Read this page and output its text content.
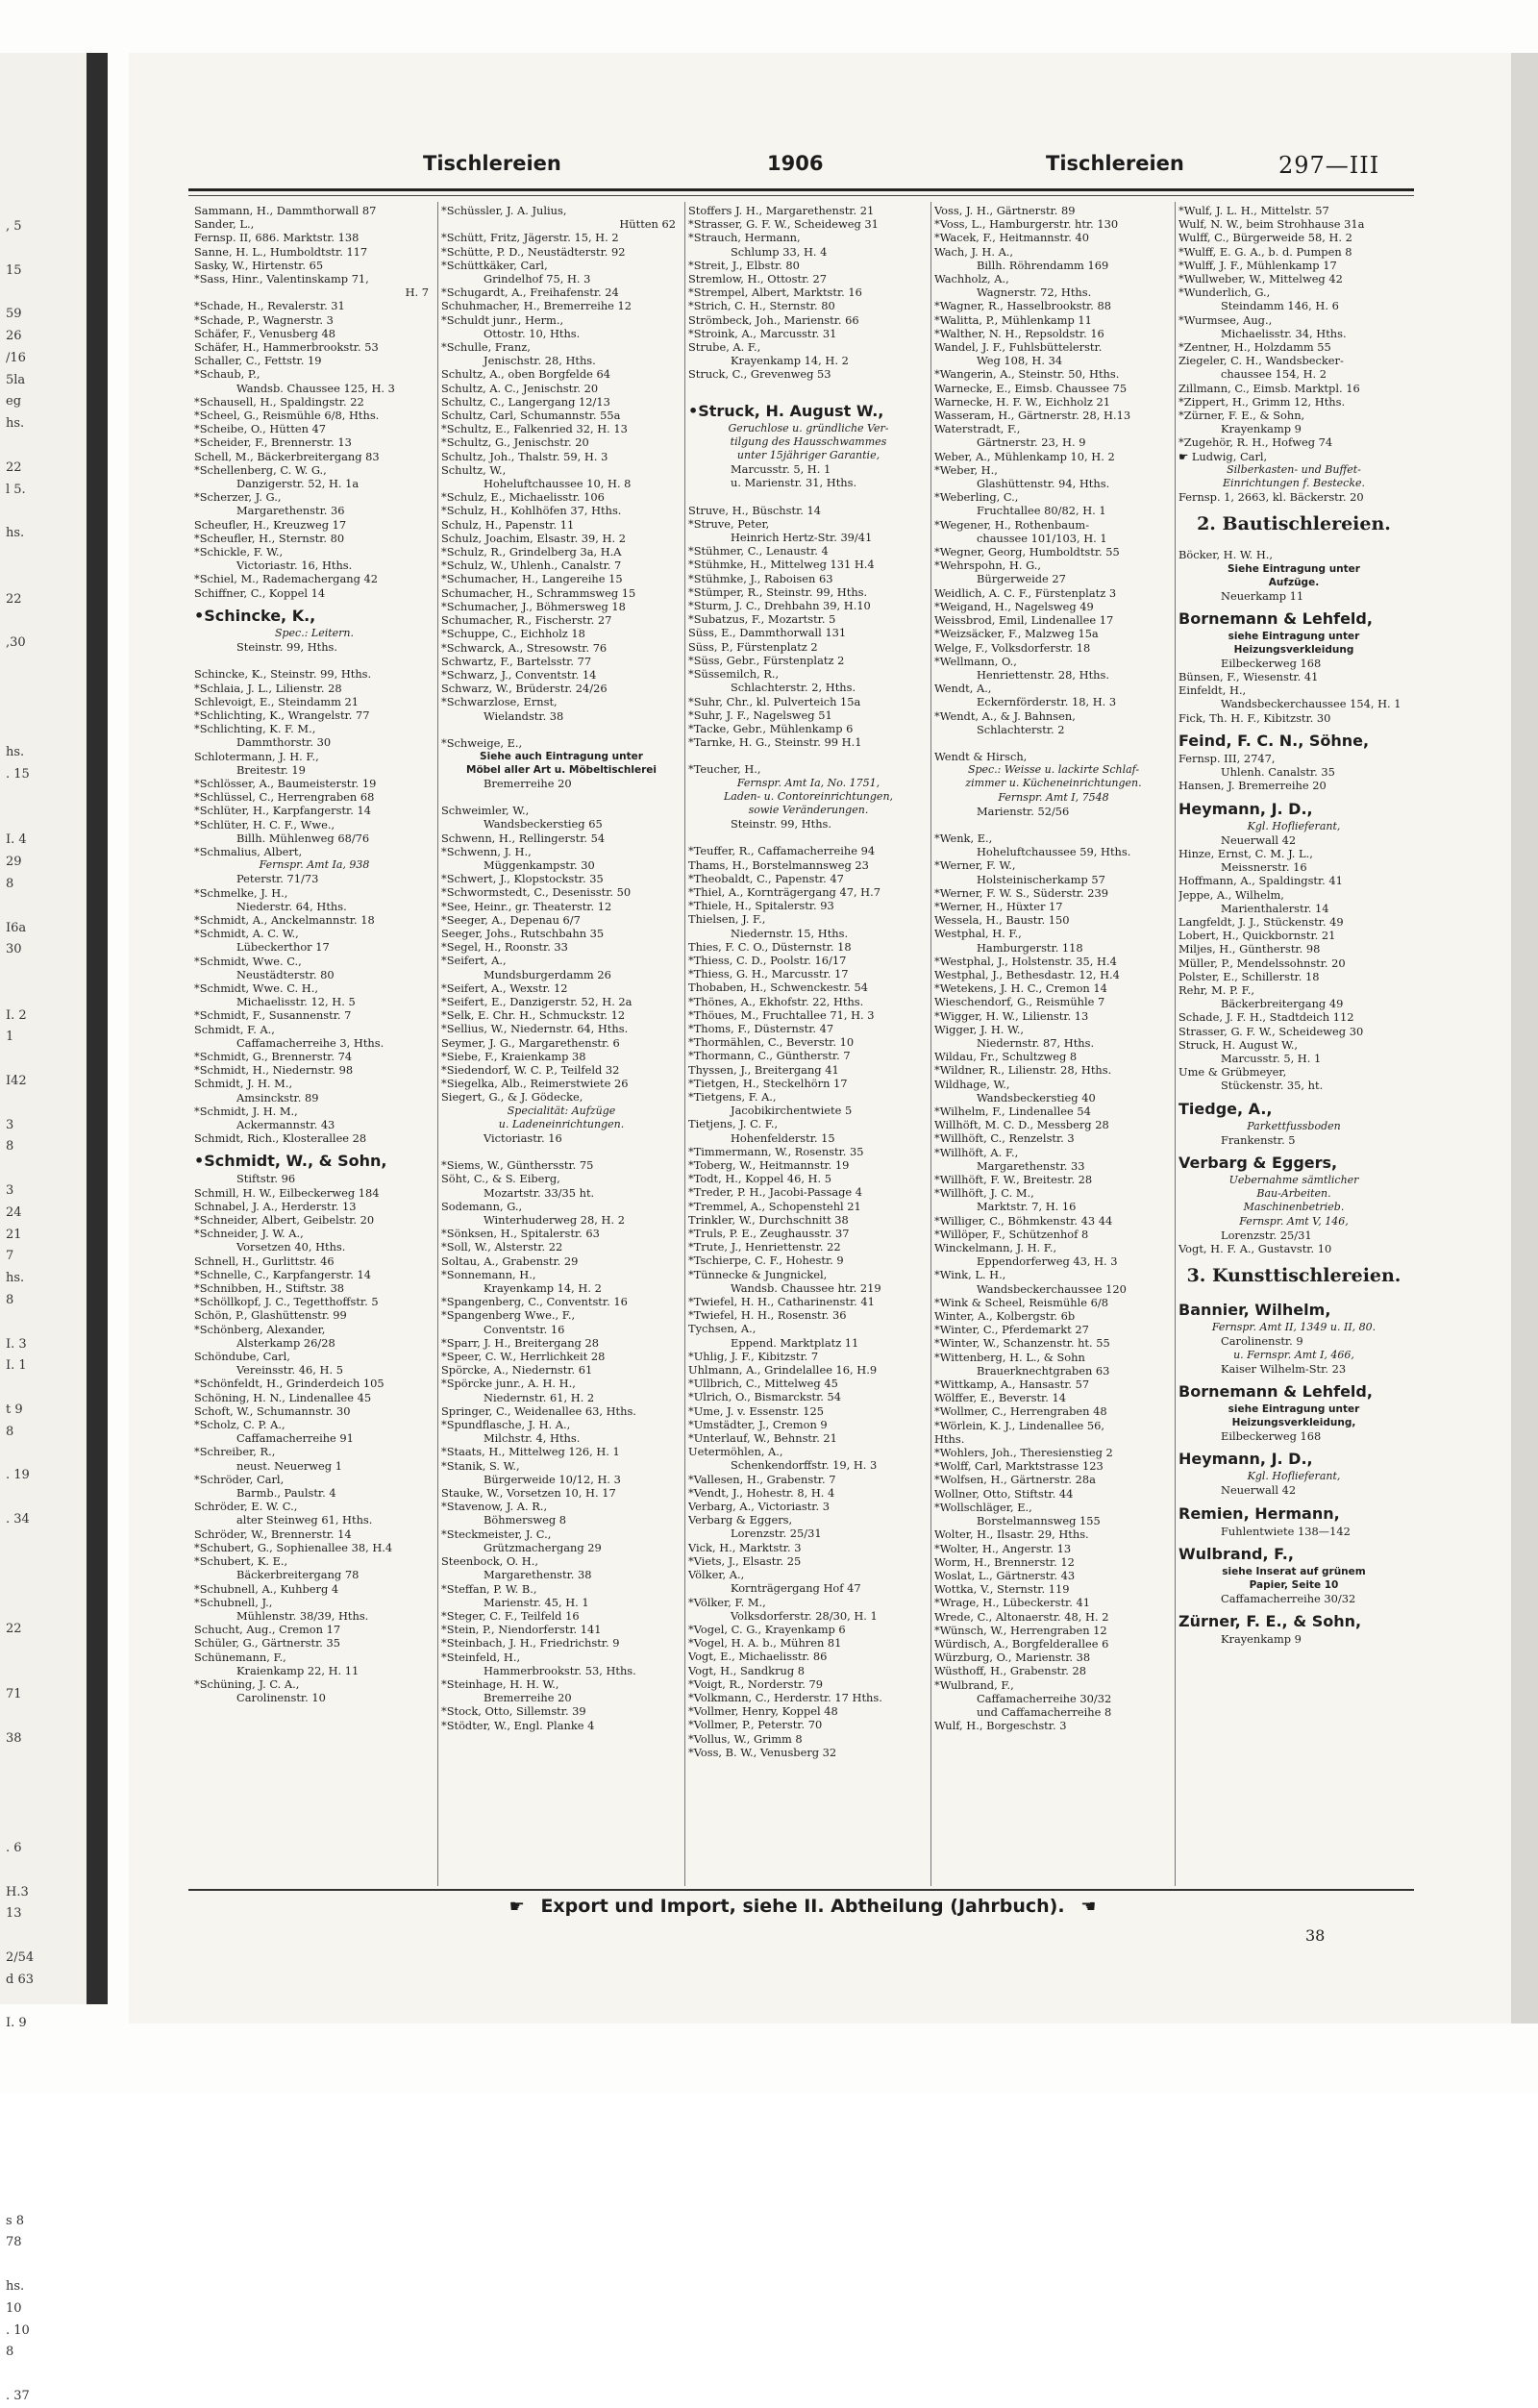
, 5
15
59
26
/16
5la
eg
hs.
22
l 5.
hs.
22
,30
hs.
. 15
I. 4
29
8
I6a
30
I. 2
1
I42
3
8
3
24
21
7
hs.
8
I. 3
I. 1
t 9
8
. 19
. 34
22
71
38
. 6
H.3
13
2/54
d 63
I. 9
s 8
78
hs.
10
. 10
8
. 37
Tischlereien	1906	Tischlereien	297—III
Sammann, H., Dammthorwall 87
Sander, L.,
Fernsp. II, 686. Marktstr. 138
Sanne, H. L., Humboldtstr. 117
Sasky, W., Hirtenstr. 65
*Sass, Hinr., Valentinskamp 71,
H. 7
*Schade, H., Revalerstr. 31
*Schade, P., Wagnerstr. 3
Schäfer, F., Venusberg 48
Schäfer, H., Hammerbrookstr. 53
Schaller, C., Fettstr. 19
*Schaub, P.,
Wandsb. Chaussee 125, H. 3
*Schausell, H., Spaldingstr. 22
*Scheel, G., Reismühle 6/8, Hths.
*Scheibe, O., Hütten 47
*Scheider, F., Brennerstr. 13
Schell, M., Bäckerbreitergang 83
*Schellenberg, C. W. G.,
Danzigerstr. 52, H. 1a
*Scherzer, J. G.,
Margarethenstr. 36
Scheufler, H., Kreuzweg 17
*Scheufler, H., Sternstr. 80
*Schickle, F. W.,
Victoriastr. 16, Hths.
*Schiel, M., Rademachergang 42
Schiffner, C., Koppel 14
•Schincke, K.,
Spec.: Leitern.
Steinstr. 99, Hths.
Schincke, K., Steinstr. 99, Hths.
*Schlaia, J. L., Lilienstr. 28
Schlevoigt, E., Steindamm 21
*Schlichting, K., Wrangelstr. 77
*Schlichting, K. F. M.,
Dammthorstr. 30
Schlotermann, J. H. F.,
Breitestr. 19
*Schlösser, A., Baumeisterstr. 19
*Schlüssel, C., Herrengraben 68
*Schlüter, H., Karpfangerstr. 14
*Schlüter, H. C. F., Wwe.,
Billh. Mühlenweg 68/76
*Schmalius, Albert,
Fernspr. Amt Ia, 938
Peterstr. 71/73
*Schmelke, J. H.,
Niederstr. 64, Hths.
*Schmidt, A., Anckelmannstr. 18
*Schmidt, A. C. W.,
Lübeckerthor 17
*Schmidt, Wwe. C.,
Neustädterstr. 80
*Schmidt, Wwe. C. H.,
Michaelisstr. 12, H. 5
*Schmidt, F., Susannenstr. 7
Schmidt, F. A.,
Caffamacherreihe 3, Hths.
*Schmidt, G., Brennerstr. 74
*Schmidt, H., Niedernstr. 98
Schmidt, J. H. M.,
Amsinckstr. 89
*Schmidt, J. H. M.,
Ackermannstr. 43
Schmidt, Rich., Klosterallee 28
•Schmidt, W., & Sohn,
Stiftstr. 96
Schmill, H. W., Eilbeckerweg 184
Schnabel, J. A., Herderstr. 13
*Schneider, Albert, Geibelstr. 20
*Schneider, J. W. A.,
Vorsetzen 40, Hths.
Schnell, H., Gurlittstr. 46
*Schnelle, C., Karpfangerstr. 14
*Schnibben, H., Stiftstr. 38
*Schöllkopf, J. C., Tegetthoffstr. 5
Schön, P., Glashüttenstr. 99
*Schönberg, Alexander,
Alsterkamp 26/28
Schöndube, Carl,
Vereinsstr. 46, H. 5
*Schönfeldt, H., Grinderdeich 105
Schöning, H. N., Lindenallee 45
Schoft, W., Schumannstr. 30
*Scholz, C. P. A.,
Caffamacherreihe 91
*Schreiber, R.,
neust. Neuerweg 1
*Schröder, Carl,
Barmb., Paulstr. 4
Schröder, E. W. C.,
alter Steinweg 61, Hths.
Schröder, W., Brennerstr. 14
*Schubert, G., Sophienallee 38, H.4
*Schubert, K. E.,
Bäckerbreitergang 78
*Schubnell, A., Kuhberg 4
*Schubnell, J.,
Mühlenstr. 38/39, Hths.
Schucht, Aug., Cremon 17
Schüler, G., Gärtnerstr. 35
Schünemann, F.,
Kraienkamp 22, H. 11
*Schüning, J. C. A.,
Carolinenstr. 10
*Schüssler, J. A. Julius,
Hütten 62
*Schütt, Fritz, Jägerstr. 15, H. 2
*Schütte, P. D., Neustädterstr. 92
*Schüttkäker, Carl,
Grindelhof 75, H. 3
*Schugardt, A., Freihafenstr. 24
Schuhmacher, H., Bremerreihe 12
*Schuldt junr., Herm.,
Ottostr. 10, Hths.
*Schulle, Franz,
Jenischstr. 28, Hths.
Schultz, A., oben Borgfelde 64
Schultz, A. C., Jenischstr. 20
Schultz, C., Langergang 12/13
Schultz, Carl, Schumannstr. 55a
*Schultz, E., Falkenried 32, H. 13
*Schultz, G., Jenischstr. 20
Schultz, Joh., Thalstr. 59, H. 3
Schultz, W.,
Hoheluftchaussee 10, H. 8
*Schulz, E., Michaelisstr. 106
*Schulz, H., Kohlhöfen 37, Hths.
Schulz, H., Papenstr. 11
Schulz, Joachim, Elsastr. 39, H. 2
*Schulz, R., Grindelberg 3a, H.A
*Schulz, W., Uhlenh., Canalstr. 7
*Schumacher, H., Langereihe 15
Schumacher, H., Schrammsweg 15
*Schumacher, J., Böhmersweg 18
Schumacher, R., Fischerstr. 27
*Schuppe, C., Eichholz 18
*Schwarck, A., Stresowstr. 76
Schwartz, F., Bartelsstr. 77
*Schwarz, J., Conventstr. 14
Schwarz, W., Brüderstr. 24/26
*Schwarzlose, Ernst,
Wielandstr. 38
*Schweige, E.,
Siehe auch Eintragung unter
Möbel aller Art u. Möbeltischlerei
Bremerreihe 20
Schweimler, W.,
Wandsbeckerstieg 65
Schwenn, H., Rellingerstr. 54
*Schwenn, J. H.,
Müggenkampstr. 30
*Schwert, J., Klopstockstr. 35
*Schwormstedt, C., Desenisstr. 50
*See, Heinr., gr. Theaterstr. 12
*Seeger, A., Depenau 6/7
Seeger, Johs., Rutschbahn 35
*Segel, H., Roonstr. 33
*Seifert, A.,
Mundsburgerdamm 26
*Seifert, A., Wexstr. 12
*Seifert, E., Danzigerstr. 52, H. 2a
*Selk, E. Chr. H., Schmuckstr. 12
*Sellius, W., Niedernstr. 64, Hths.
Seymer, J. G., Margarethenstr. 6
*Siebe, F., Kraienkamp 38
*Siedendorf, W. C. P., Teilfeld 32
*Siegelka, Alb., Reimerstwiete 26
Siegert, G., & J. Gödecke,
Specialität: Aufzüge
u. Ladeneinrichtungen.
Victoriastr. 16
*Siems, W., Günthersstr. 75
Söht, C., & S. Eiberg,
Mozartstr. 33/35 ht.
Sodemann, G.,
Winterhuderweg 28, H. 2
*Sönksen, H., Spitalerstr. 63
*Soll, W., Alsterstr. 22
Soltau, A., Grabenstr. 29
*Sonnemann, H.,
Krayenkamp 14, H. 2
*Spangenberg, C., Conventstr. 16
*Spangenberg Wwe., F.,
Conventstr. 16
*Sparr, J. H., Breitergang 28
*Speer, C. W., Herrlichkeit 28
Spörcke, A., Niedernstr. 61
*Spörcke junr., A. H. H.,
Niedernstr. 61, H. 2
Springer, C., Weidenallee 63, Hths.
*Spundflasche, J. H. A.,
Milchstr. 4, Hths.
*Staats, H., Mittelweg 126, H. 1
*Stanik, S. W.,
Bürgerweide 10/12, H. 3
Stauke, W., Vorsetzen 10, H. 17
*Stavenow, J. A. R.,
Böhmersweg 8
*Steckmeister, J. C.,
Grützmachergang 29
Steenbock, O. H.,
Margarethenstr. 38
*Steffan, P. W. B.,
Marienstr. 45, H. 1
*Steger, C. F., Teilfeld 16
*Stein, P., Niendorferstr. 141
*Steinbach, J. H., Friedrichstr. 9
*Steinfeld, H.,
Hammerbrookstr. 53, Hths.
*Steinhage, H. H. W.,
Bremerreihe 20
*Stock, Otto, Sillemstr. 39
*Stödter, W., Engl. Planke 4
Stoffers J. H., Margarethenstr. 21
*Strasser, G. F. W., Scheideweg 31
*Strauch, Hermann,
Schlump 33, H. 4
*Streit, J., Elbstr. 80
Stremlow, H., Ottostr. 27
*Strempel, Albert, Marktstr. 16
*Strich, C. H., Sternstr. 80
Strömbeck, Joh., Marienstr. 66
*Stroink, A., Marcusstr. 31
Strube, A. F.,
Krayenkamp 14, H. 2
Struck, C., Grevenweg 53
•Struck, H. August W.,
Geruchlose u. gründliche Ver-
tilgung des Hausschwammes
unter 15jähriger Garantie,
Marcusstr. 5, H. 1
u. Marienstr. 31, Hths.
Struve, H., Büschstr. 14
*Struve, Peter,
Heinrich Hertz-Str. 39/41
*Stühmer, C., Lenaustr. 4
*Stühmke, H., Mittelweg 131 H.4
*Stühmke, J., Raboisen 63
*Stümper, R., Steinstr. 99, Hths.
*Sturm, J. C., Drehbahn 39, H.10
*Subatzus, F., Mozartstr. 5
Süss, E., Dammthorwall 131
Süss, P., Fürstenplatz 2
*Süss, Gebr., Fürstenplatz 2
*Süssemilch, R.,
Schlachterstr. 2, Hths.
*Suhr, Chr., kl. Pulverteich 15a
*Suhr, J. F., Nagelsweg 51
*Tacke, Gebr., Mühlenkamp 6
*Tarnke, H. G., Steinstr. 99 H.1
*Teucher, H.,
Fernspr. Amt Ia, No. 1751,
Laden- u. Contoreinrichtungen,
sowie Veränderungen.
Steinstr. 99, Hths.
*Teuffer, R., Caffamacherreihe 94
Thams, H., Borstelmannsweg 23
*Theobaldt, C., Papenstr. 47
*Thiel, A., Kornträgergang 47, H.7
*Thiele, H., Spitalerstr. 93
Thielsen, J. F.,
Niedernstr. 15, Hths.
Thies, F. C. O., Düsternstr. 18
*Thiess, C. D., Poolstr. 16/17
*Thiess, G. H., Marcusstr. 17
Thobaben, H., Schwenckestr. 54
*Thönes, A., Ekhofstr. 22, Hths.
*Thöues, M., Fruchtallee 71, H. 3
*Thoms, F., Düsternstr. 47
*Thormählen, C., Beverstr. 10
*Thormann, C., Güntherstr. 7
Thyssen, J., Breitergang 41
*Tietgen, H., Steckelhörn 17
*Tietgens, F. A.,
Jacobikirchentwiete 5
Tietjens, J. C. F.,
Hohenfelderstr. 15
*Timmermann, W., Rosenstr. 35
*Toberg, W., Heitmannstr. 19
*Todt, H., Koppel 46, H. 5
*Treder, P. H., Jacobi-Passage 4
*Tremmel, A., Schopenstehl 21
Trinkler, W., Durchschnitt 38
*Truls, P. E., Zeughausstr. 37
*Trute, J., Henriettenstr. 22
*Tschierpe, C. F., Hohestr. 9
*Tünnecke & Jungnickel,
Wandsb. Chaussee htr. 219
*Twiefel, H. H., Catharinenstr. 41
*Twiefel, H. H., Rosenstr. 36
Tychsen, A.,
Eppend. Marktplatz 11
*Uhlig, J. F., Kibitzstr. 7
Uhlmann, A., Grindelallee 16, H.9
*Ullbrich, C., Mittelweg 45
*Ulrich, O., Bismarckstr. 54
*Ume, J. v. Essenstr. 125
*Umstädter, J., Cremon 9
*Unterlauf, W., Behnstr. 21
Uetermöhlen, A.,
Schenkendorffstr. 19, H. 3
*Vallesen, H., Grabenstr. 7
*Vendt, J., Hohestr. 8, H. 4
Verbarg, A., Victoriastr. 3
Verbarg & Eggers,
Lorenzstr. 25/31
Vick, H., Marktstr. 3
*Viets, J., Elsastr. 25
Völker, A.,
Kornträgergang Hof 47
*Völker, F. M.,
Volksdorferstr. 28/30, H. 1
*Vogel, C. G., Krayenkamp 6
*Vogel, H. A. b., Mühren 81
Vogt, E., Michaelisstr. 86
Vogt, H., Sandkrug 8
*Voigt, R., Norderstr. 79
*Volkmann, C., Herderstr. 17 Hths.
*Vollmer, Henry, Koppel 48
*Vollmer, P., Peterstr. 70
*Vollus, W., Grimm 8
*Voss, B. W., Venusberg 32
Voss, J. H., Gärtnerstr. 89
*Voss, L., Hamburgerstr. htr. 130
*Wacek, F., Heitmannstr. 40
Wach, J. H. A.,
Billh. Röhrendamm 169
Wachholz, A.,
Wagnerstr. 72, Hths.
*Wagner, R., Hasselbrookstr. 88
*Walitta, P., Mühlenkamp 11
*Walther, N. H., Repsoldstr. 16
Wandel, J. F., Fuhlsbüttelerstr.
Weg 108, H. 34
*Wangerin, A., Steinstr. 50, Hths.
Warnecke, E., Eimsb. Chaussee 75
Warnecke, H. F. W., Eichholz 21
Wasseram, H., Gärtnerstr. 28, H.13
Waterstradt, F.,
Gärtnerstr. 23, H. 9
Weber, A., Mühlenkamp 10, H. 2
*Weber, H.,
Glashüttenstr. 94, Hths.
*Weberling, C.,
Fruchtallee 80/82, H. 1
*Wegener, H., Rothenbaum-
chaussee 101/103, H. 1
*Wegner, Georg, Humboldtstr. 55
*Wehrspohn, H. G.,
Bürgerweide 27
Weidlich, A. C. F., Fürstenplatz 3
*Weigand, H., Nagelsweg 49
Weissbrod, Emil, Lindenallee 17
*Weizsäcker, F., Malzweg 15a
Welge, F., Volksdorferstr. 18
*Wellmann, O.,
Henriettenstr. 28, Hths.
Wendt, A.,
Eckernförderstr. 18, H. 3
*Wendt, A., & J. Bahnsen,
Schlachterstr. 2
Wendt & Hirsch,
Spec.: Weisse u. lackirte Schlaf-
zimmer u. Kücheneinrichtungen.
Fernspr. Amt I, 7548
Marienstr. 52/56
*Wenk, E.,
Hoheluftchaussee 59, Hths.
*Werner, F. W.,
Holsteinischerkamp 57
*Werner, F. W. S., Süderstr. 239
*Werner, H., Hüxter 17
Wessela, H., Baustr. 150
Westphal, H. F.,
Hamburgerstr. 118
*Westphal, J., Holstenstr. 35, H.4
Westphal, J., Bethesdastr. 12, H.4
*Wetekens, J. H. C., Cremon 14
Wieschendorf, G., Reismühle 7
*Wigger, H. W., Lilienstr. 13
Wigger, J. H. W.,
Niedernstr. 87, Hths.
Wildau, Fr., Schultzweg 8
*Wildner, R., Lilienstr. 28, Hths.
Wildhage, W.,
Wandsbeckerstieg 40
*Wilhelm, F., Lindenallee 54
Willhöft, M. C. D., Messberg 28
*Willhöft, C., Renzelstr. 3
*Willhöft, A. F.,
Margarethenstr. 33
*Willhöft, F. W., Breitestr. 28
*Willhöft, J. C. M.,
Marktstr. 7, H. 16
*Williger, C., Böhmkenstr. 43 44
*Willöper, F., Schützenhof 8
Winckelmann, J. H. F.,
Eppendorferweg 43, H. 3
*Wink, L. H.,
Wandsbeckerchaussee 120
*Wink & Scheel, Reismühle 6/8
Winter, A., Kolbergstr. 6b
*Winter, C., Pferdemarkt 27
*Winter, W., Schanzenstr. ht. 55
*Wittenberg, H. L., & Sohn
Brauerknechtgraben 63
*Wittkamp, A., Hansastr. 57
Wölffer, E., Beverstr. 14
*Wollmer, C., Herrengraben 48
*Wörlein, K. J., Lindenallee 56,
Hths.
*Wohlers, Joh., Theresienstieg 2
*Wolff, Carl, Marktstrasse 123
*Wolfsen, H., Gärtnerstr. 28a
Wollner, Otto, Stiftstr. 44
*Wollschläger, E.,
Borstelmannsweg 155
Wolter, H., Ilsastr. 29, Hths.
*Wolter, H., Angerstr. 13
Worm, H., Brennerstr. 12
Woslat, L., Gärtnerstr. 43
Wottka, V., Sternstr. 119
*Wrage, H., Lübeckerstr. 41
Wrede, C., Altonaerstr. 48, H. 2
*Wünsch, W., Herrengraben 12
Würdisch, A., Borgfelderallee 6
Würzburg, O., Marienstr. 38
Wüsthoff, H., Grabenstr. 28
*Wulbrand, F.,
Caffamacherreihe 30/32
und Caffamacherreihe 8
Wulf, H., Borgeschstr. 3
*Wulf, J. L. H., Mittelstr. 57
Wulf, N. W., beim Strohhause 31a
Wulff, C., Bürgerweide 58, H. 2
*Wulff, E. G. A., b. d. Pumpen 8
*Wulff, J. F., Mühlenkamp 17
*Wullweber, W., Mittelweg 42
*Wunderlich, G.,
Steindamm 146, H. 6
*Wurmsee, Aug.,
Michaelisstr. 34, Hths.
*Zentner, H., Holzdamm 55
Ziegeler, C. H., Wandsbecker-
chaussee 154, H. 2
Zillmann, C., Eimsb. Marktpl. 16
*Zippert, H., Grimm 12, Hths.
*Zürner, F. E., & Sohn,
Krayenkamp 9
*Zugehör, R. H., Hofweg 74
☛ Ludwig, Carl,
Silberkasten- und Buffet-
Einrichtungen f. Bestecke.
Fernsp. 1, 2663, kl. Bäckerstr. 20
2. Bautischlereien.
Böcker, H. W. H.,
Siehe Eintragung unter
Aufzüge.
Neuerkamp 11
Bornemann & Lehfeld,
siehe Eintragung unter
Heizungsverkleidung
Eilbeckerweg 168
Bünsen, F., Wiesenstr. 41
Einfeldt, H.,
Wandsbeckerchaussee 154, H. 1
Fick, Th. H. F., Kibitzstr. 30
Feind, F. C. N., Söhne,
Fernsp. III, 2747,
Uhlenh. Canalstr. 35
Hansen, J. Bremerreihe 20
Heymann, J. D.,
Kgl. Hoflieferant,
Neuerwall 42
Hinze, Ernst, C. M. J. L.,
Meissnerstr. 16
Hoffmann, A., Spaldingstr. 41
Jeppe, A., Wilhelm,
Marienthalerstr. 14
Langfeldt, J. J., Stückenstr. 49
Lobert, H., Quickbornstr. 21
Miljes, H., Güntherstr. 98
Müller, P., Mendelssohnstr. 20
Polster, E., Schillerstr. 18
Rehr, M. P. F.,
Bäckerbreitergang 49
Schade, J. F. H., Stadtdeich 112
Strasser, G. F. W., Scheideweg 30
Struck, H. August W.,
Marcusstr. 5, H. 1
Ume & Grübmeyer,
Stückenstr. 35, ht.
Tiedge, A.,
Parkettfussboden
Frankenstr. 5
Verbarg & Eggers,
Uebernahme sämtlicher
Bau-Arbeiten.
Maschinenbetrieb.
Fernspr. Amt V, 146,
Lorenzstr. 25/31
Vogt, H. F. A., Gustavstr. 10
3. Kunsttischlereien.
Bannier, Wilhelm,
Fernspr. Amt II, 1349 u. II, 80.
Carolinenstr. 9
u. Fernspr. Amt I, 466,
Kaiser Wilhelm-Str. 23
Bornemann & Lehfeld,
siehe Eintragung unter
Heizungsverkleidung,
Eilbeckerweg 168
Heymann, J. D.,
Kgl. Hoflieferant,
Neuerwall 42
Remien, Hermann,
Fuhlentwiete 138—142
Wulbrand, F.,
siehe Inserat auf grünem
Papier, Seite 10
Caffamacherreihe 30/32
Zürner, F. E., & Sohn,
Krayenkamp 9
☛ Export und Import, siehe II. Abtheilung (Jahrbuch). ☚
38
